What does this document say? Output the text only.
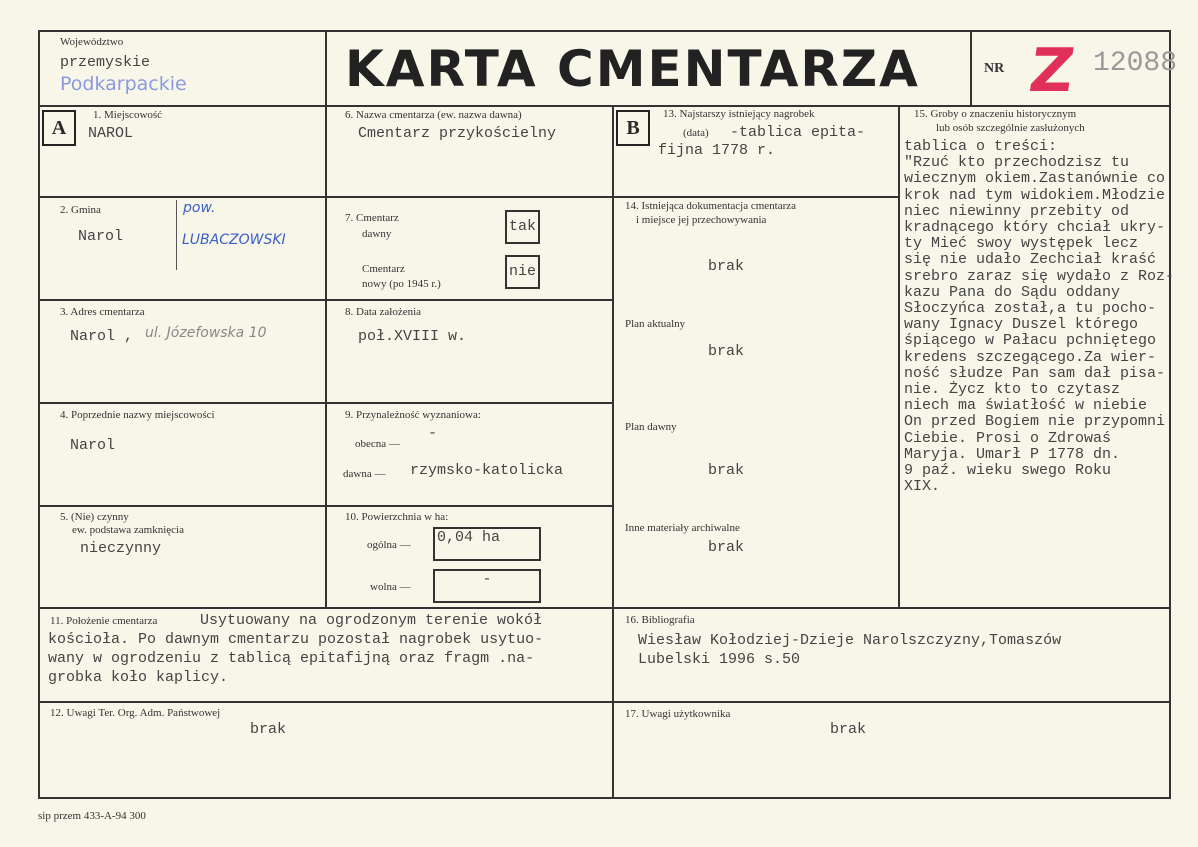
Województwo
przemyskie
Podkarpackie	KARTA CMENTARZA	NR Z 12088
A	B
1. Miejscowość
NAROL
2. Gmina
Narol
pow.
LUBACZOWSKI
3. Adres cmentarza
Narol , ul. Józefowska 10
4. Poprzednie nazwy miejscowości
Narol
5. (Nie) czynny
ew. podstawa zamknięcia
nieczynny
6. Nazwa cmentarza (ew. nazwa dawna)
Cmentarz przykościelny
7. Cmentarz
dawny	tak
Cmentarz
nowy (po 1945 r.)
nie
8. Data założenia
poł.XVIII w.
9. Przynależność wyznaniowa:
obecna —
-
dawna — rzymsko-katolicka
10. Powierzchnia w ha:
ogólna — 0,04 ha
wolna —	-
13. Najstarszy istniejący nagrobek
(data) -tablica epita-
fijna 1778 r.
14. Istniejąca dokumentacja cmentarza
i miejsce jej przechowywania
brak
Plan aktualny
brak
Plan dawny
brak
Inne materiały archiwalne
brak
15. Groby o znaczeniu historycznym
lub osób szczególnie zasłużonych
tablica o treści:
"Rzuć kto przechodzisz tu
wiecznym okiem.Zastanównie co
krok nad tym widokiem.Młodzie
niec niewinny przebity od
kradnącego który chciał ukry-
ty Mieć swoy występek lecz
się nie udało Zechciał kraść
srebro zaraz się wydało z Roz-
kazu Pana do Sądu oddany
Słoczyńca został,a tu pocho-
wany Ignacy Duszel którego
śpiącego w Pałacu pchniętego
kredens szczegącego.Za wier-
ność słudze Pan sam dał pisa-
nie. Życz kto to czytasz
niech ma światłość w niebie
On przed Bogiem nie przypomni
Ciebie. Prosi o Zdrowaś
Maryja. Umarł P 1778 dn.
9 paź. wieku swego Roku
XIX.
11. Położenie cmentarza	Usytuowany na ogrodzonym terenie wokół
kościoła. Po dawnym cmentarzu pozostał nagrobek usytuo-
wany w ogrodzeniu z tablicą epitafijną oraz fragm .na-
grobka koło kaplicy.
16. Bibliografia
Wiesław Kołodziej-Dzieje Narolszczyzny,Tomaszów
Lubelski 1996 s.50
12. Uwagi Ter. Org. Adm. Państwowej
brak
17. Uwagi użytkownika
brak
sip przem 433-A-94 300
